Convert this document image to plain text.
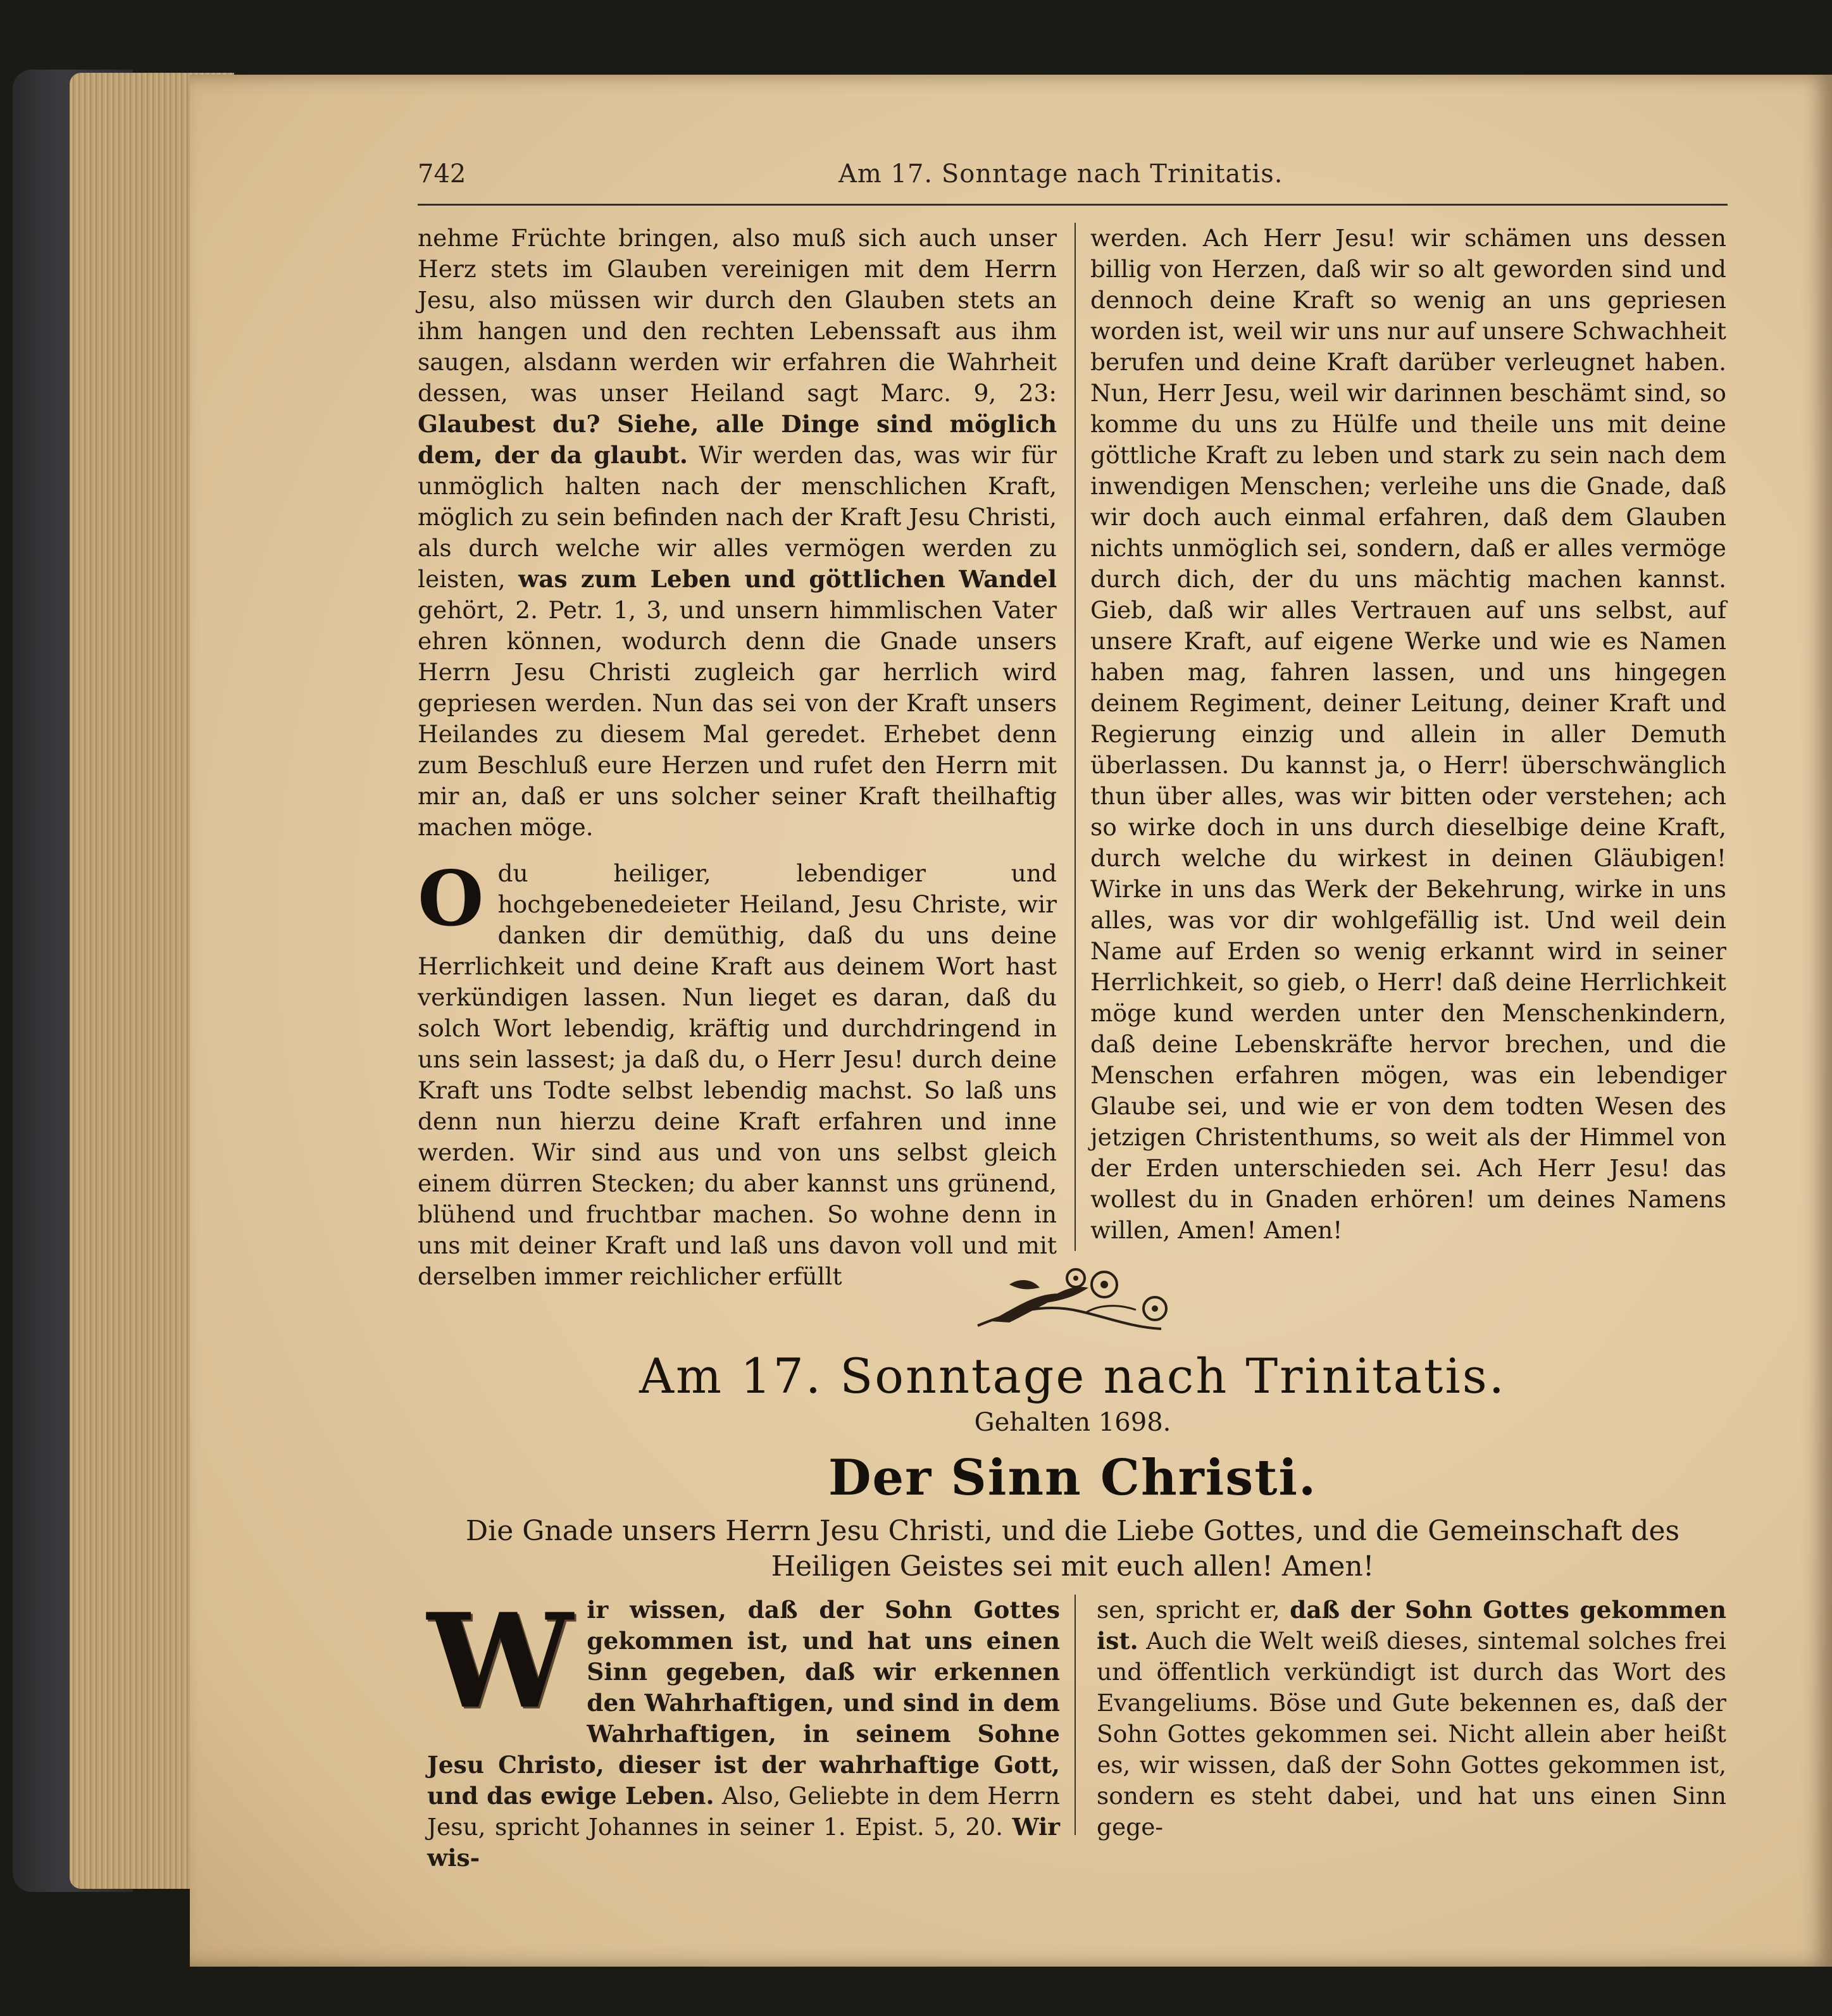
742	Am 17. Sonntage nach Trinitatis.

nehme Früchte bringen, also muß sich auch unser Herz stets im Glauben vereinigen mit dem Herrn Jesu, also müssen wir durch den Glauben stets an ihm hangen und den rechten Lebenssaft aus ihm saugen, alsdann werden wir erfahren die Wahrheit dessen, was unser Heiland sagt Marc. 9, 23: Glaubest du? Siehe, alle Dinge sind möglich dem, der da glaubt. Wir werden das, was wir für unmöglich halten nach der menschlichen Kraft, möglich zu sein befinden nach der Kraft Jesu Christi, als durch welche wir alles vermögen werden zu leisten, was zum Leben und göttlichen Wandel gehört, 2. Petr. 1, 3, und unsern himmlischen Vater ehren können, wodurch denn die Gnade unsers Herrn Jesu Christi zugleich gar herrlich wird gepriesen werden. Nun das sei von der Kraft unsers Heilandes zu diesem Mal geredet. Erhebet denn zum Beschluß eure Herzen und rufet den Herrn mit mir an, daß er uns solcher seiner Kraft theilhaftig machen möge.

O du heiliger, lebendiger und hochgebenedeieter Heiland, Jesu Christe, wir danken dir demüthig, daß du uns deine Herrlichkeit und deine Kraft aus deinem Wort hast verkündigen lassen. Nun lieget es daran, daß du solch Wort lebendig, kräftig und durchdringend in uns sein lassest; ja daß du, o Herr Jesu! durch deine Kraft uns Todte selbst lebendig machst. So laß uns denn nun hierzu deine Kraft erfahren und inne werden. Wir sind aus und von uns selbst gleich einem dürren Stecken; du aber kannst uns grünend, blühend und fruchtbar machen. So wohne denn in uns mit deiner Kraft und laß uns davon voll und mit derselben immer reichlicher erfüllt

werden. Ach Herr Jesu! wir schämen uns dessen billig von Herzen, daß wir so alt geworden sind und dennoch deine Kraft so wenig an uns gepriesen worden ist, weil wir uns nur auf unsere Schwachheit berufen und deine Kraft darüber verleugnet haben. Nun, Herr Jesu, weil wir darinnen beschämt sind, so komme du uns zu Hülfe und theile uns mit deine göttliche Kraft zu leben und stark zu sein nach dem inwendigen Menschen; verleihe uns die Gnade, daß wir doch auch einmal erfahren, daß dem Glauben nichts unmöglich sei, sondern, daß er alles vermöge durch dich, der du uns mächtig machen kannst. Gieb, daß wir alles Vertrauen auf uns selbst, auf unsere Kraft, auf eigene Werke und wie es Namen haben mag, fahren lassen, und uns hingegen deinem Regiment, deiner Leitung, deiner Kraft und Regierung einzig und allein in aller Demuth überlassen. Du kannst ja, o Herr! überschwänglich thun über alles, was wir bitten oder verstehen; ach so wirke doch in uns durch dieselbige deine Kraft, durch welche du wirkest in deinen Gläubigen! Wirke in uns das Werk der Bekehrung, wirke in uns alles, was vor dir wohlgefällig ist. Und weil dein Name auf Erden so wenig erkannt wird in seiner Herrlichkeit, so gieb, o Herr! daß deine Herrlichkeit möge kund werden unter den Menschenkindern, daß deine Lebenskräfte hervor brechen, und die Menschen erfahren mögen, was ein lebendiger Glaube sei, und wie er von dem todten Wesen des jetzigen Christenthums, so weit als der Himmel von der Erden unterschieden sei. Ach Herr Jesu! das wollest du in Gnaden erhören! um deines Namens willen, Amen! Amen!

Am 17. Sonntage nach Trinitatis.
Gehalten 1698.
Der Sinn Christi.
Die Gnade unsers Herrn Jesu Christi, und die Liebe Gottes, und die Gemeinschaft des Heiligen Geistes sei mit euch allen! Amen!

W ir wissen, daß der Sohn Gottes gekommen ist, und hat uns einen Sinn gegeben, daß wir erkennen den Wahrhaftigen, und sind in dem Wahrhaftigen, in seinem Sohne Jesu Christo, dieser ist der wahrhaftige Gott, und das ewige Leben. Also, Geliebte in dem Herrn Jesu, spricht Johannes in seiner 1. Epist. 5, 20. Wir wis-

sen, spricht er, daß der Sohn Gottes gekommen ist. Auch die Welt weiß dieses, sintemal solches frei und öffentlich verkündigt ist durch das Wort des Evangeliums. Böse und Gute bekennen es, daß der Sohn Gottes gekommen sei. Nicht allein aber heißt es, wir wissen, daß der Sohn Gottes gekommen ist, sondern es steht dabei, und hat uns einen Sinn gege-
